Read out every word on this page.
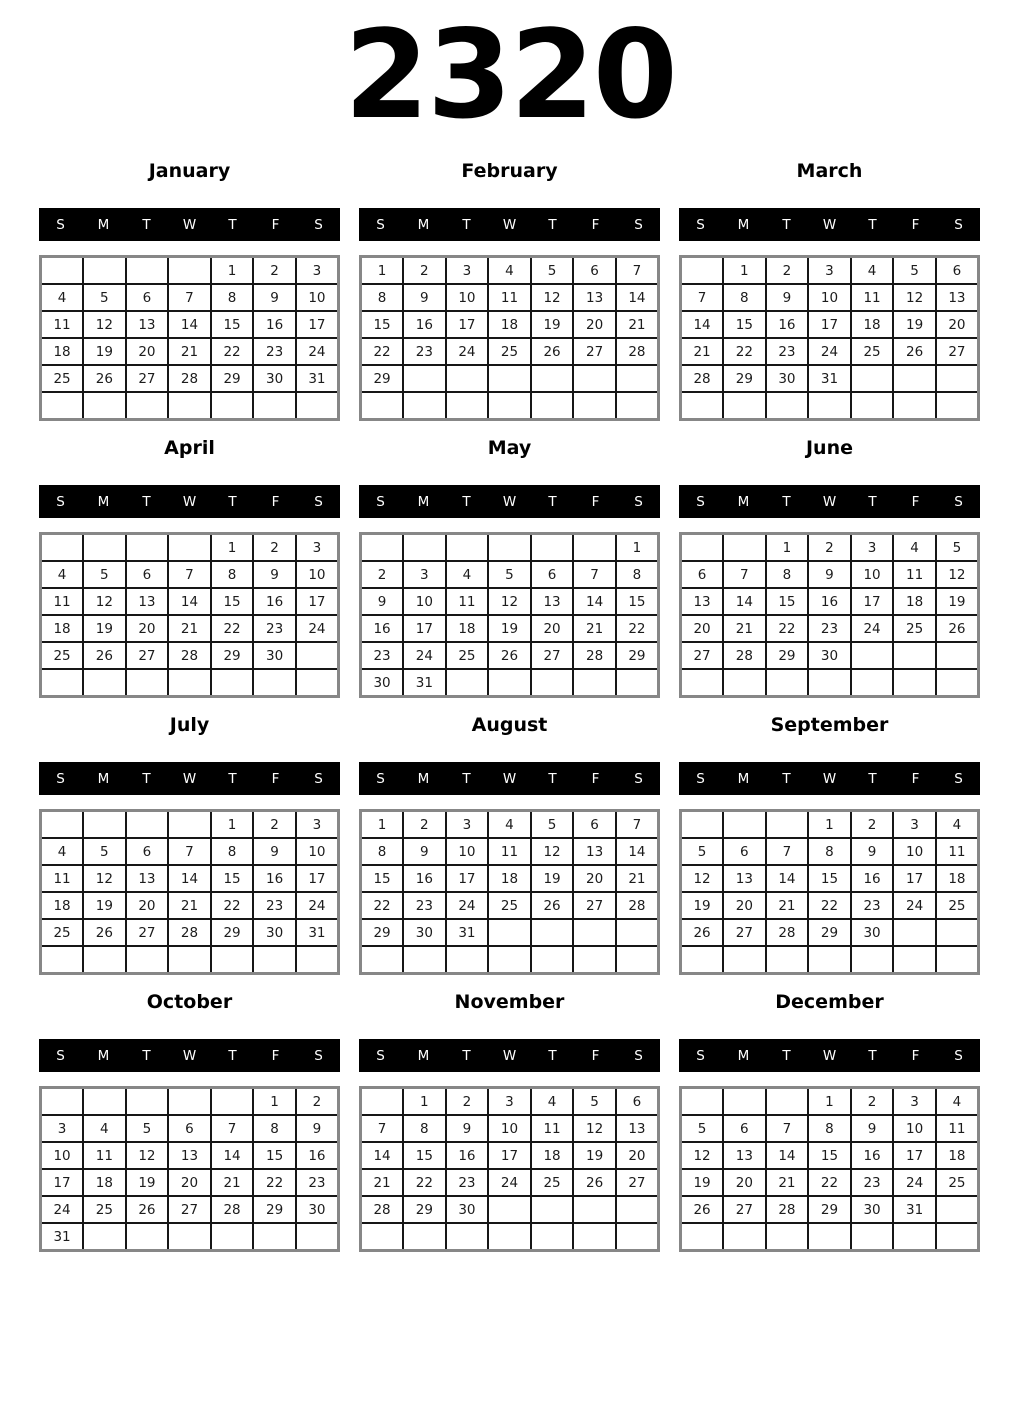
2320
January
S	M	T	W	T	F	S
				1	2	3
4	5	6	7	8	9	10
11	12	13	14	15	16	17
18	19	20	21	22	23	24
25	26	27	28	29	30	31

February
S	M	T	W	T	F	S
1	2	3	4	5	6	7
8	9	10	11	12	13	14
15	16	17	18	19	20	21
22	23	24	25	26	27	28
29						

March
S	M	T	W	T	F	S
	1	2	3	4	5	6
7	8	9	10	11	12	13
14	15	16	17	18	19	20
21	22	23	24	25	26	27
28	29	30	31			

April
S	M	T	W	T	F	S
				1	2	3
4	5	6	7	8	9	10
11	12	13	14	15	16	17
18	19	20	21	22	23	24
25	26	27	28	29	30	

May
S	M	T	W	T	F	S
						1
2	3	4	5	6	7	8
9	10	11	12	13	14	15
16	17	18	19	20	21	22
23	24	25	26	27	28	29
30	31					
June
S	M	T	W	T	F	S
		1	2	3	4	5
6	7	8	9	10	11	12
13	14	15	16	17	18	19
20	21	22	23	24	25	26
27	28	29	30			

July
S	M	T	W	T	F	S
				1	2	3
4	5	6	7	8	9	10
11	12	13	14	15	16	17
18	19	20	21	22	23	24
25	26	27	28	29	30	31

August
S	M	T	W	T	F	S
1	2	3	4	5	6	7
8	9	10	11	12	13	14
15	16	17	18	19	20	21
22	23	24	25	26	27	28
29	30	31				

September
S	M	T	W	T	F	S
			1	2	3	4
5	6	7	8	9	10	11
12	13	14	15	16	17	18
19	20	21	22	23	24	25
26	27	28	29	30		

October
S	M	T	W	T	F	S
					1	2
3	4	5	6	7	8	9
10	11	12	13	14	15	16
17	18	19	20	21	22	23
24	25	26	27	28	29	30
31						
November
S	M	T	W	T	F	S
	1	2	3	4	5	6
7	8	9	10	11	12	13
14	15	16	17	18	19	20
21	22	23	24	25	26	27
28	29	30				

December
S	M	T	W	T	F	S
			1	2	3	4
5	6	7	8	9	10	11
12	13	14	15	16	17	18
19	20	21	22	23	24	25
26	27	28	29	30	31	
